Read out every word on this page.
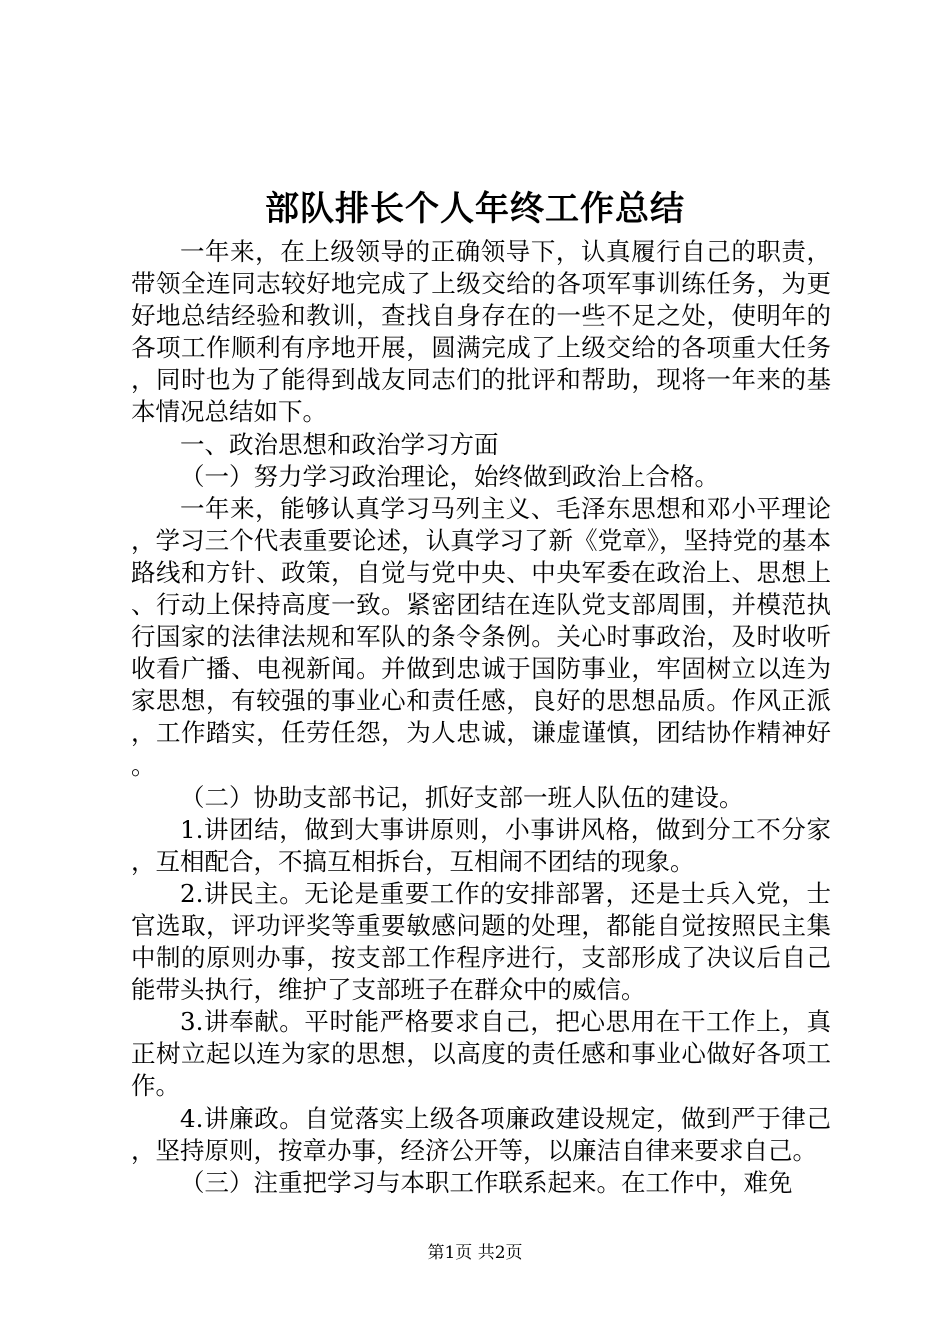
部队排长个人年终工作总结

一年来，在上级领导的正确领导下，认真履行自己的职责，带领全连同志较好地完成了上级交给的各项军事训练任务，为更好地总结经验和教训，查找自身存在的一些不足之处，使明年的各项工作顺利有序地开展，圆满完成了上级交给的各项重大任务，同时也为了能得到战友同志们的批评和帮助，现将一年来的基本情况总结如下。

一、政治思想和政治学习方面

（一）努力学习政治理论，始终做到政治上合格。

一年来，能够认真学习马列主义、毛泽东思想和邓小平理论，学习三个代表重要论述，认真学习了新《党章》，坚持党的基本路线和方针、政策，自觉与党中央、中央军委在政治上、思想上、行动上保持高度一致。紧密团结在连队党支部周围，并模范执行国家的法律法规和军队的条令条例。关心时事政治，及时收听收看广播、电视新闻。并做到忠诚于国防事业，牢固树立以连为家思想，有较强的事业心和责任感，良好的思想品质。作风正派，工作踏实，任劳任怨，为人忠诚，谦虚谨慎，团结协作精神好。

（二）协助支部书记，抓好支部一班人队伍的建设。

1.讲团结，做到大事讲原则，小事讲风格，做到分工不分家，互相配合，不搞互相拆台，互相闹不团结的现象。

2.讲民主。无论是重要工作的安排部署，还是士兵入党，士官选取，评功评奖等重要敏感问题的处理，都能自觉按照民主集中制的原则办事，按支部工作程序进行，支部形成了决议后自己能带头执行，维护了支部班子在群众中的威信。

3.讲奉献。平时能严格要求自己，把心思用在干工作上，真正树立起以连为家的思想，以高度的责任感和事业心做好各项工作。

4.讲廉政。自觉落实上级各项廉政建设规定，做到严于律己，坚持原则，按章办事，经济公开等，以廉洁自律来要求自己。

（三）注重把学习与本职工作联系起来。在工作中，难免

第1页 共2页
